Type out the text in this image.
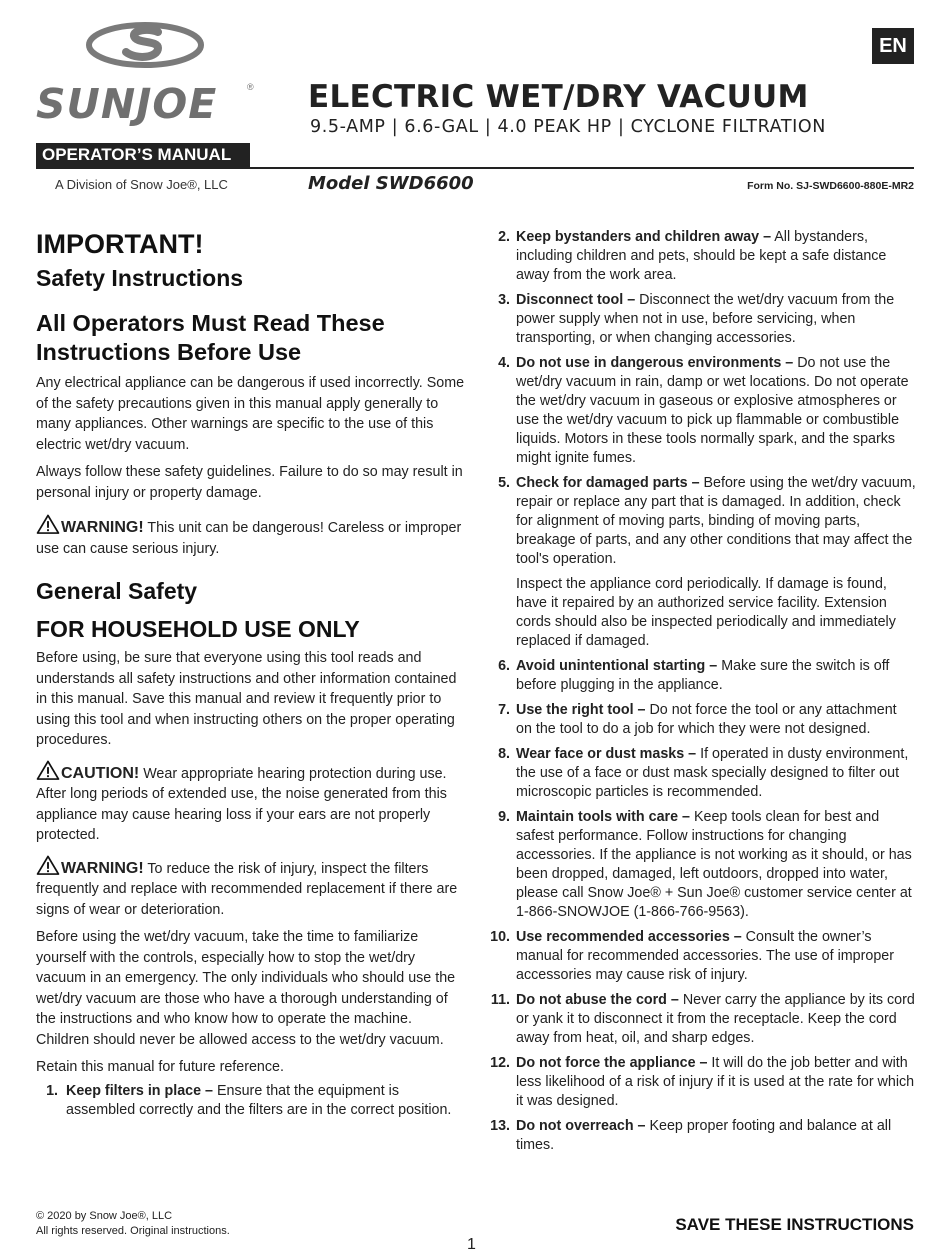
SUNJOE	®
OPERATOR’S MANUAL
A Division of Snow Joe®, LLC
EN
ELECTRIC WET/DRY VACUUM
9.5-AMP | 6.6-GAL | 4.0 PEAK HP | CYCLONE FILTRATION
Model SWD6600	Form No. SJ-SWD6600-880E-MR2
IMPORTANT!
Safety Instructions
All Operators Must Read These Instructions Before Use

Any electrical appliance can be dangerous if used incorrectly. Some of the safety precautions given in this manual apply generally to many appliances. Other warnings are specific to the use of this electric wet/dry vacuum.

Always follow these safety guidelines. Failure to do so may result in personal injury or property damage.

WARNING! This unit can be dangerous! Careless or improper use can cause serious injury.

General Safety
FOR HOUSEHOLD USE ONLY

Before using, be sure that everyone using this tool reads and understands all safety instructions and other information contained in this manual. Save this manual and review it frequently prior to using this tool and when instructing others on the proper operating procedures.

CAUTION! Wear appropriate hearing protection during use. After long periods of extended use, the noise generated from this appliance may cause hearing loss if your ears are not properly protected.

WARNING! To reduce the risk of injury, inspect the filters frequently and replace with recommended replacement if there are signs of wear or deterioration.

Before using the wet/dry vacuum, take the time to familiarize yourself with the controls, especially how to stop the wet/dry vacuum in an emergency. The only individuals who should use the wet/dry vacuum are those who have a thorough understanding of the instructions and who know how to operate the machine. Children should never be allowed access to the wet/dry vacuum.

Retain this manual for future reference.

1. Keep filters in place – Ensure that the equipment is assembled correctly and the filters are in the correct position.
2. Keep bystanders and children away – All bystanders, including children and pets, should be kept a safe distance away from the work area.
3. Disconnect tool – Disconnect the wet/dry vacuum from the power supply when not in use, before servicing, when transporting, or when changing accessories.
4. Do not use in dangerous environments – Do not use the wet/dry vacuum in rain, damp or wet locations. Do not operate the wet/dry vacuum in gaseous or explosive atmospheres or use the wet/dry vacuum to pick up flammable or combustible liquids. Motors in these tools normally spark, and the sparks might ignite fumes.
5. Check for damaged parts – Before using the wet/dry vacuum, repair or replace any part that is damaged. In addition, check for alignment of moving parts, binding of moving parts, breakage of parts, and any other conditions that may affect the tool's operation.
Inspect the appliance cord periodically. If damage is found, have it repaired by an authorized service facility. Extension cords should also be inspected periodically and immediately replaced if damaged.
6. Avoid unintentional starting – Make sure the switch is off before plugging in the appliance.
7. Use the right tool – Do not force the tool or any attachment on the tool to do a job for which they were not designed.
8. Wear face or dust masks – If operated in dusty environment, the use of a face or dust mask specially designed to filter out microscopic particles is recommended.
9. Maintain tools with care – Keep tools clean for best and safest performance. Follow instructions for changing accessories. If the appliance is not working as it should, or has been dropped, damaged, left outdoors, dropped into water, please call Snow Joe® + Sun Joe® customer service center at 1-866-SNOWJOE (1-866-766-9563).
10. Use recommended accessories – Consult the owner’s manual for recommended accessories. The use of improper accessories may cause risk of injury.
11. Do not abuse the cord – Never carry the appliance by its cord or yank it to disconnect it from the receptacle. Keep the cord away from heat, oil, and sharp edges.
12. Do not force the appliance – It will do the job better and with less likelihood of a risk of injury if it is used at the rate for which it was designed.
13. Do not overreach – Keep proper footing and balance at all times.
© 2020 by Snow Joe®, LLC
All rights reserved. Original instructions.	SAVE THESE INSTRUCTIONS
1
